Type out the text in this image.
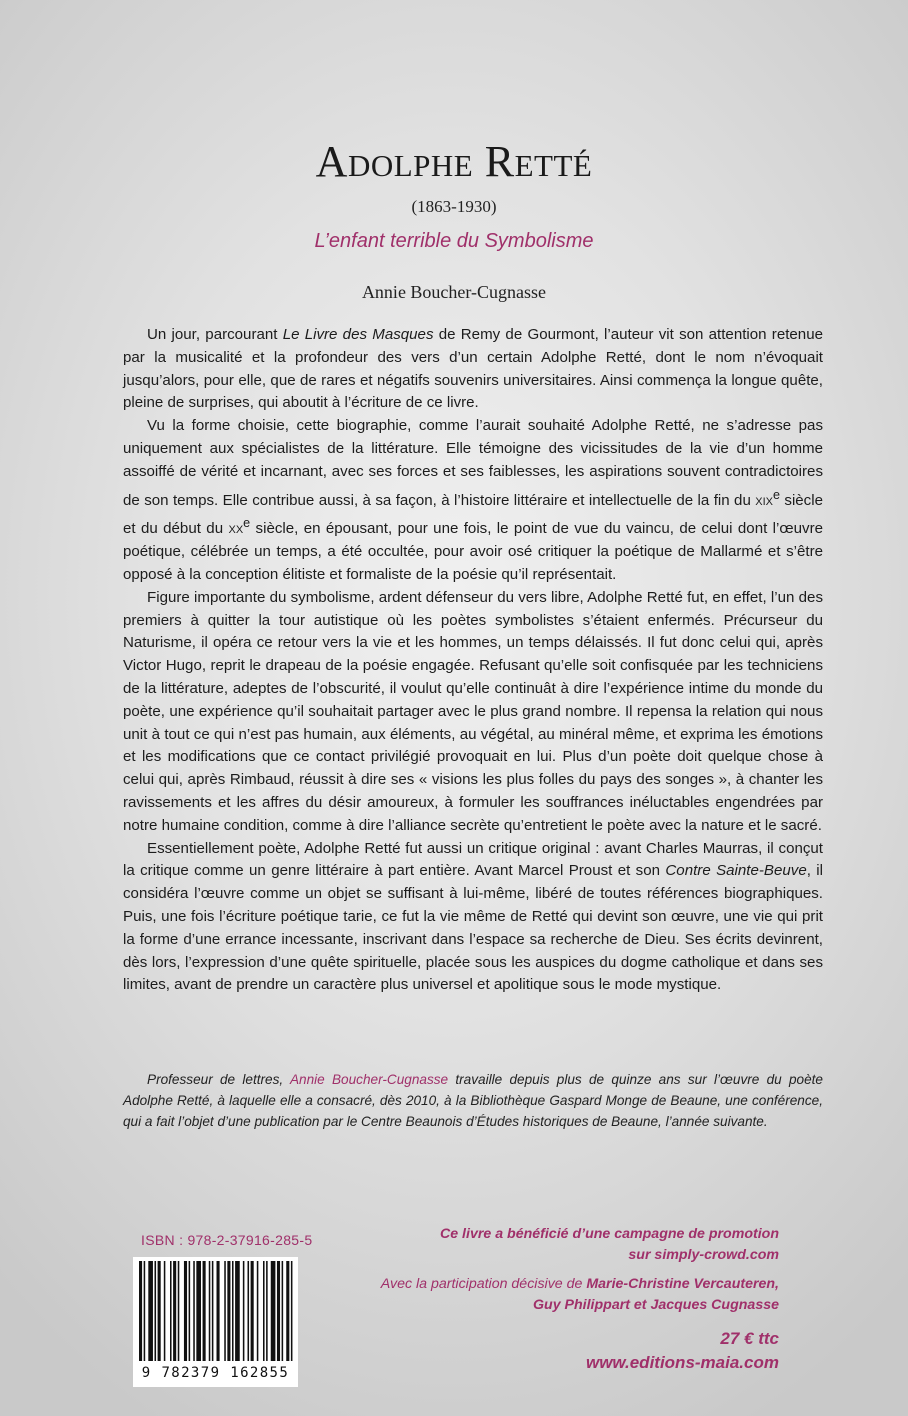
Adolphe Retté
(1863-1930)
L’enfant terrible du Symbolisme
Annie Boucher-Cugnasse

Un jour, parcourant Le Livre des Masques de Remy de Gourmont, l’auteur vit son attention retenue par la musicalité et la profondeur des vers d’un certain Adolphe Retté, dont le nom n’évoquait jusqu’alors, pour elle, que de rares et négatifs souvenirs universitaires. Ainsi commença la longue quête, pleine de surprises, qui aboutit à l’écriture de ce livre.

Vu la forme choisie, cette biographie, comme l’aurait souhaité Adolphe Retté, ne s’adresse pas uniquement aux spécialistes de la littérature. Elle témoigne des vicissitudes de la vie d’un homme assoiffé de vérité et incarnant, avec ses forces et ses faiblesses, les aspirations souvent contradictoires de son temps. Elle contribue aussi, à sa façon, à l’histoire littéraire et intellectuelle de la fin du xix$^e$ siècle et du début du $xx^e$ siècle, en épousant, pour une fois, le point de vue du vaincu, de celui dont l’œuvre poétique, célébrée un temps, a été occultée, pour avoir osé critiquer la poétique de Mallarmé et s’être opposé à la conception élitiste et formaliste de la poésie qu’il représentait.

Figure importante du symbolisme, ardent défenseur du vers libre, Adolphe Retté fut, en effet, l’un des premiers à quitter la tour autistique où les poètes symbolistes s’étaient enfermés. Précurseur du Naturisme, il opéra ce retour vers la vie et les hommes, un temps délaissés. Il fut donc celui qui, après Victor Hugo, reprit le drapeau de la poésie engagée. Refusant qu’elle soit confisquée par les techniciens de la littérature, adeptes de l’obscurité, il voulut qu’elle continuât à dire l’expérience intime du monde du poète, une expérience qu’il souhaitait partager avec le plus grand nombre. Il repensa la relation qui nous unit à tout ce qui n’est pas humain, aux éléments, au végétal, au minéral même, et exprima les émotions et les modifications que ce contact privilégié provoquait en lui. Plus d’un poète doit quelque chose à celui qui, après Rimbaud, réussit à dire ses « visions les plus folles du pays des songes », à chanter les ravissements et les affres du désir amoureux, à formuler les souffrances inéluctables engendrées par notre humaine condition, comme à dire l’alliance secrète qu’entretient le poète avec la nature et le sacré.

Essentiellement poète, Adolphe Retté fut aussi un critique original : avant Charles Maurras, il conçut la critique comme un genre littéraire à part entière. Avant Marcel Proust et son Contre Sainte-Beuve, il considéra l’œuvre comme un objet se suffisant à lui-même, libéré de toutes références biographiques. Puis, une fois l’écriture poétique tarie, ce fut la vie même de Retté qui devint son œuvre, une vie qui prit la forme d’une errance incessante, inscrivant dans l’espace sa recherche de Dieu. Ses écrits devinrent, dès lors, l’expression d’une quête spirituelle, placée sous les auspices du dogme catholique et dans ses limites, avant de prendre un caractère plus universel et apolitique sous le mode mystique.

Professeur de lettres, Annie Boucher-Cugnasse travaille depuis plus de quinze ans sur l’œuvre du poète Adolphe Retté, à laquelle elle a consacré, dès 2010, à la Bibliothèque Gaspard Monge de Beaune, une conférence, qui a fait l’objet d’une publication par le Centre Beaunois d’Études historiques de Beaune, l’année suivante.

ISBN : 978-2-37916-285-5
9 782379 162855
Ce livre a bénéficié d’une campagne de promotion
sur simply-crowd.com
Avec la participation décisive de Marie-Christine Vercauteren,
Guy Philippart et Jacques Cugnasse
27 € ttc
www.editions-maia.com
